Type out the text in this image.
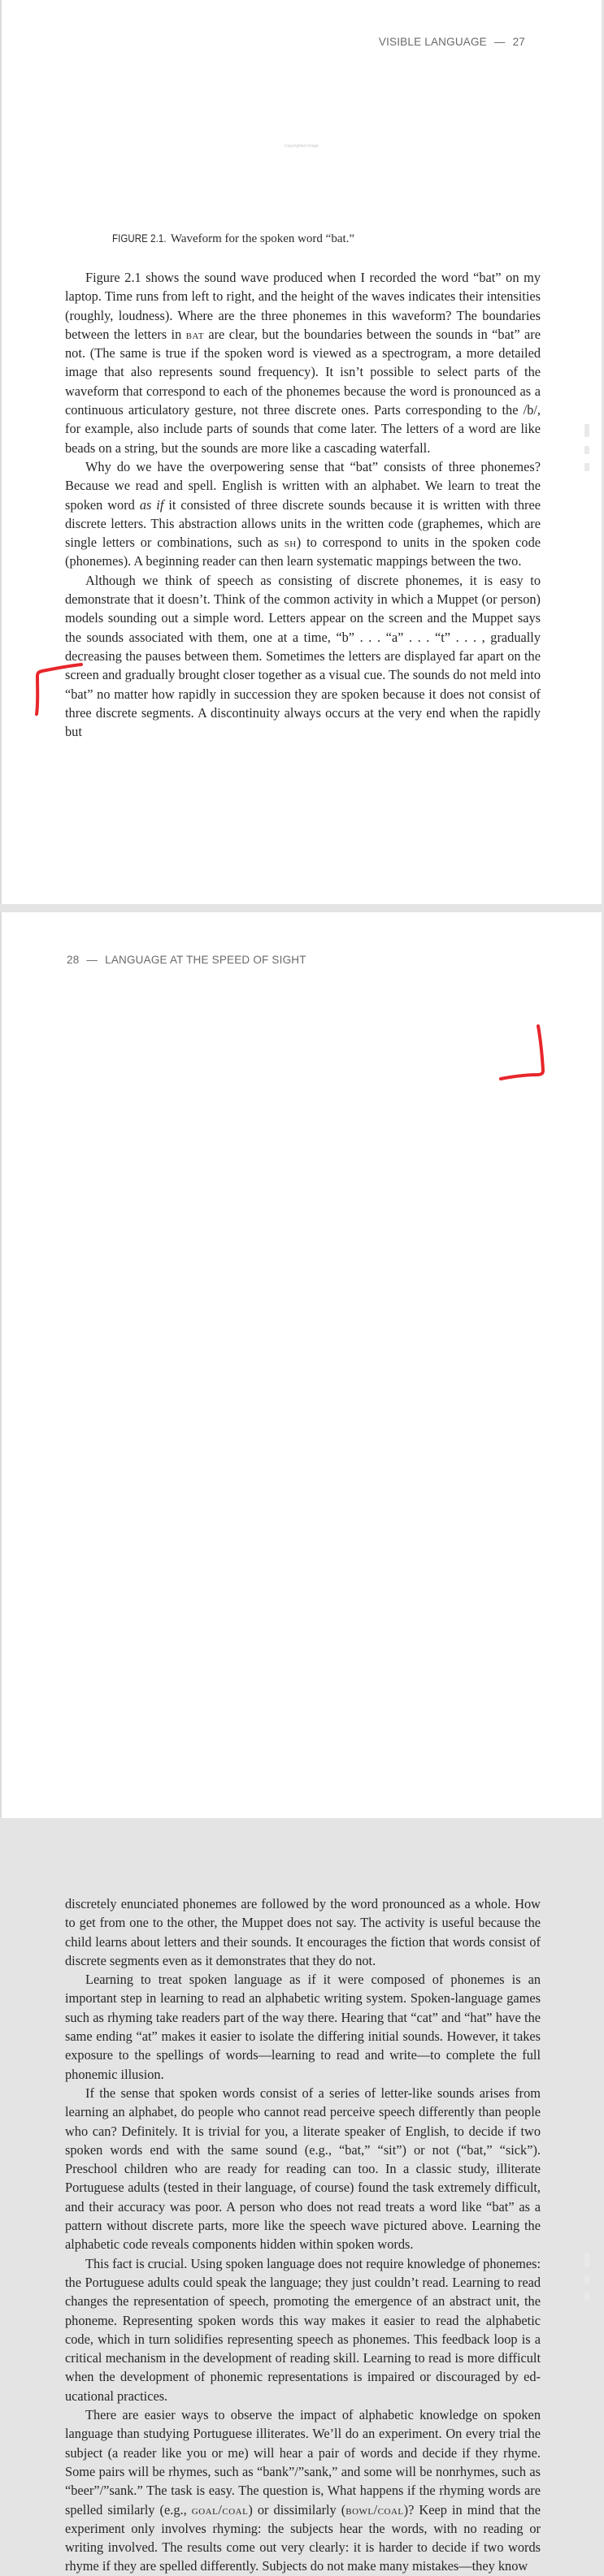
VISIBLE LANGUAGE — 27
Copyrighted Image
FIGURE 2.1. Waveform for the spoken word “bat.”

Figure 2.1 shows the sound wave produced when I recorded the word “bat” on my laptop. Time runs from left to right, and the height of the waves indicates their intensities (roughly, loudness). Where are the three phonemes in this waveform? The boundaries between the letters in bat are clear, but the boundaries between the sounds in “bat” are not. (The same is true if the spoken word is viewed as a spectrogram, a more detailed image that also represents sound frequency). It isn’t possible to select parts of the waveform that correspond to each of the phonemes because the word is pronounced as a continuous articulatory gesture, not three discrete ones. Parts corresponding to the /b/, for example, also include parts of sounds that come later. The letters of a word are like beads on a string, but the sounds are more like a cascading waterfall.

Why do we have the overpowering sense that “bat” consists of three phonemes? Because we read and spell. English is written with an alphabet. We learn to treat the spoken word as if it consisted of three discrete sounds because it is written with three discrete letters. This abstraction allows units in the written code (graphemes, which are single letters or combinations, such as sh) to correspond to units in the spoken code (phonemes). A beginning reader can then learn systematic mappings between the two.

Although we think of speech as consisting of discrete phonemes, it is easy to demonstrate that it doesn’t. Think of the common activity in which a Muppet (or person) models sounding out a simple word. Letters appear on the screen and the Muppet says the sounds associated with them, one at a time, “b” . . . “a” . . . “t” . . . , gradually decreasing the pauses between them. Sometimes the letters are displayed far apart on the screen and gradually brought closer together as a visual cue. The sounds do not meld into “bat” no matter how rapidly in succession they are spoken because it does not consist of three discrete segments. A discontinuity always occurs at the very end when the rapidly but

28 — LANGUAGE AT THE SPEED OF SIGHT

discretely enunciated phonemes are followed by the word pronounced as a whole. How to get from one to the other, the Muppet does not say. The activity is useful because the child learns about letters and their sounds. It encourages the fiction that words consist of discrete segments even as it demonstrates that they do not.

Learning to treat spoken language as if it were composed of phonemes is an important step in learning to read an alphabetic writing system. Spoken-language games such as rhyming take readers part of the way there. Hearing that “cat” and “hat” have the same ending “at” makes it easier to isolate the differing initial sounds. However, it takes exposure to the spellings of words—learning to read and write—to complete the full phonemic illusion.

If the sense that spoken words consist of a series of letter-like sounds arises from learning an alphabet, do people who cannot read perceive speech differently than people who can? Definitely. It is trivial for you, a literate speaker of English, to decide if two spoken words end with the same sound (e.g., “bat,” “sit”) or not (“bat,” “sick”). Preschool children who are ready for reading can too. In a classic study, illiterate Portuguese adults (tested in their language, of course) found the task extremely difficult, and their accuracy was poor. A person who does not read treats a word like “bat” as a pattern without discrete parts, more like the speech wave pictured above. Learning the alphabetic code reveals components hidden within spoken words.

This fact is crucial. Using spoken language does not require knowledge of phonemes: the Portuguese adults could speak the language; they just couldn’t read. Learning to read changes the representation of speech, promoting the emergence of an abstract unit, the phoneme. Representing spoken words this way makes it easier to read the alphabetic code, which in turn solidifies representing speech as phonemes. This feedback loop is a critical mechanism in the development of reading skill. Learning to read is more difficult when the development of phonemic representations is impaired or discouraged by educational practices.

There are easier ways to observe the impact of alphabetic knowledge on spoken language than studying Portuguese illiterates. We’ll do an experiment. On every trial the subject (a reader like you or me) will hear a pair of words and decide if they rhyme. Some pairs will be rhymes, such as “bank”/”sank,” and some will be nonrhymes, such as “beer”/”sank.” The task is easy. The question is, What happens if the rhyming words are spelled similarly (e.g., goal/coal) or dissimilarly (bowl/coal)? Keep in mind that the experiment only involves rhyming: the subjects hear the words, with no reading or writing involved. The results come out very clearly: it is harder to decide if two words rhyme if they are spelled differently. Subjects do not make many mistakes—they know
